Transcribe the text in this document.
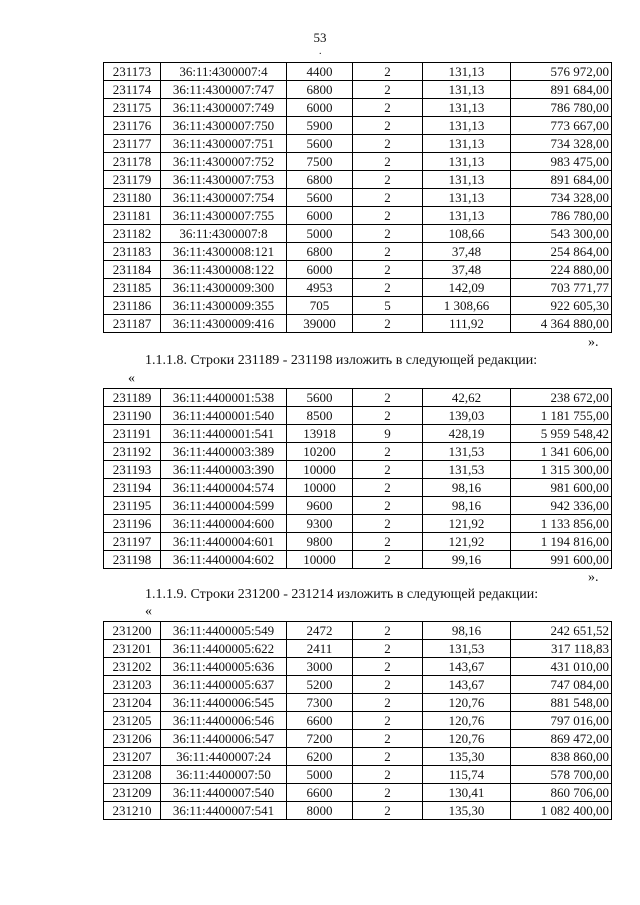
53
.
231173	36:11:4300007:4	4400	2	131,13	576 972,00
231174	36:11:4300007:747	6800	2	131,13	891 684,00
231175	36:11:4300007:749	6000	2	131,13	786 780,00
231176	36:11:4300007:750	5900	2	131,13	773 667,00
231177	36:11:4300007:751	5600	2	131,13	734 328,00
231178	36:11:4300007:752	7500	2	131,13	983 475,00
231179	36:11:4300007:753	6800	2	131,13	891 684,00
231180	36:11:4300007:754	5600	2	131,13	734 328,00
231181	36:11:4300007:755	6000	2	131,13	786 780,00
231182	36:11:4300007:8	5000	2	108,66	543 300,00
231183	36:11:4300008:121	6800	2	37,48	254 864,00
231184	36:11:4300008:122	6000	2	37,48	224 880,00
231185	36:11:4300009:300	4953	2	142,09	703 771,77
231186	36:11:4300009:355	705	5	1 308,66	922 605,30
231187	36:11:4300009:416	39000	2	111,92	4 364 880,00
».
1.1.1.8. Строки 231189 - 231198 изложить в следующей редакции:
«
231189	36:11:4400001:538	5600	2	42,62	238 672,00
231190	36:11:4400001:540	8500	2	139,03	1 181 755,00
231191	36:11:4400001:541	13918	9	428,19	5 959 548,42
231192	36:11:4400003:389	10200	2	131,53	1 341 606,00
231193	36:11:4400003:390	10000	2	131,53	1 315 300,00
231194	36:11:4400004:574	10000	2	98,16	981 600,00
231195	36:11:4400004:599	9600	2	98,16	942 336,00
231196	36:11:4400004:600	9300	2	121,92	1 133 856,00
231197	36:11:4400004:601	9800	2	121,92	1 194 816,00
231198	36:11:4400004:602	10000	2	99,16	991 600,00
».
1.1.1.9. Строки 231200 - 231214 изложить в следующей редакции:
«
231200	36:11:4400005:549	2472	2	98,16	242 651,52
231201	36:11:4400005:622	2411	2	131,53	317 118,83
231202	36:11:4400005:636	3000	2	143,67	431 010,00
231203	36:11:4400005:637	5200	2	143,67	747 084,00
231204	36:11:4400006:545	7300	2	120,76	881 548,00
231205	36:11:4400006:546	6600	2	120,76	797 016,00
231206	36:11:4400006:547	7200	2	120,76	869 472,00
231207	36:11:4400007:24	6200	2	135,30	838 860,00
231208	36:11:4400007:50	5000	2	115,74	578 700,00
231209	36:11:4400007:540	6600	2	130,41	860 706,00
231210	36:11:4400007:541	8000	2	135,30	1 082 400,00
